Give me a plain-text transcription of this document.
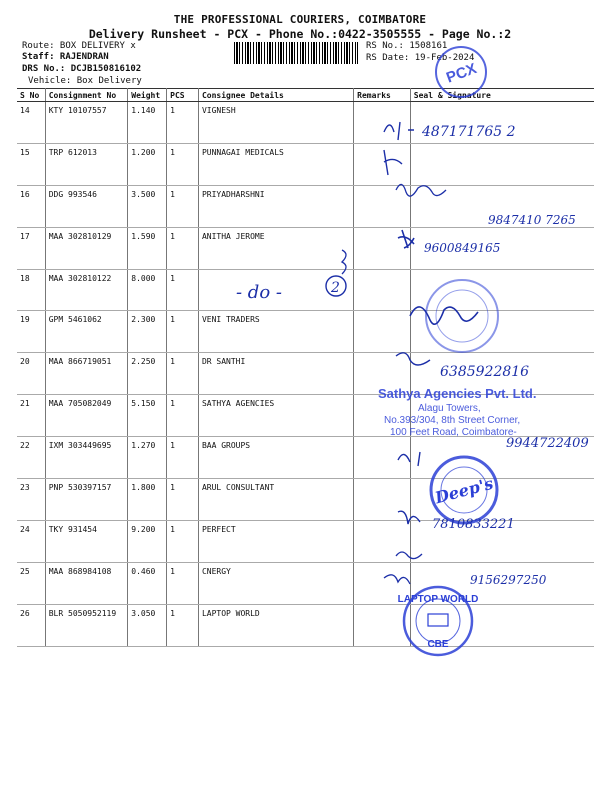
THE PROFESSIONAL COURIERS, COIMBATORE
Delivery Runsheet - PCX - Phone No.:0422-3505555 - Page No.:2
Route: BOX DELIVERY x
Staff: RAJENDRAN
DRS No.: DCJB150816102
Vehicle: Box Delivery
RS No.: 1508161
RS Date: 19-Feb-2024
S No	Consignment No	Weight	PCS	Consignee Details	Remarks	Seal & Signature
14	KTY 10107557	1.140	1	VIGNESH		
15	TRP 612013	1.200	1	PUNNAGAI MEDICALS		
16	DDG 993546	3.500	1	PRIYADHARSHNI		
17	MAA 302810129	1.590	1	ANITHA JEROME		
18	MAA 302810122	8.000	1			
19	GPM 5461062	2.300	1	VENI TRADERS		
20	MAA 866719051	2.250	1	DR SANTHI		
21	MAA 705082049	5.150	1	SATHYA AGENCIES		
22	IXM 303449695	1.270	1	BAA GROUPS		
23	PNP 530397157	1.800	1	ARUL CONSULTANT		
24	TKY 931454	9.200	1	PERFECT		
25	MAA 868984108	0.460	1	CNERGY		
26	BLR 5050952119	3.050	1	LAPTOP WORLD		
PCX
487171765 2
9847410 7265
9600849165
- do -	2
6385922816
Sathya Agencies Pvt. Ltd.
Alagu Towers,
No.393/304, 8th Street Corner,
100 Feet Road, Coimbatore-
9944722409
Deep's
7810833221
9156297250
LAPTOP WORLD
CBE
